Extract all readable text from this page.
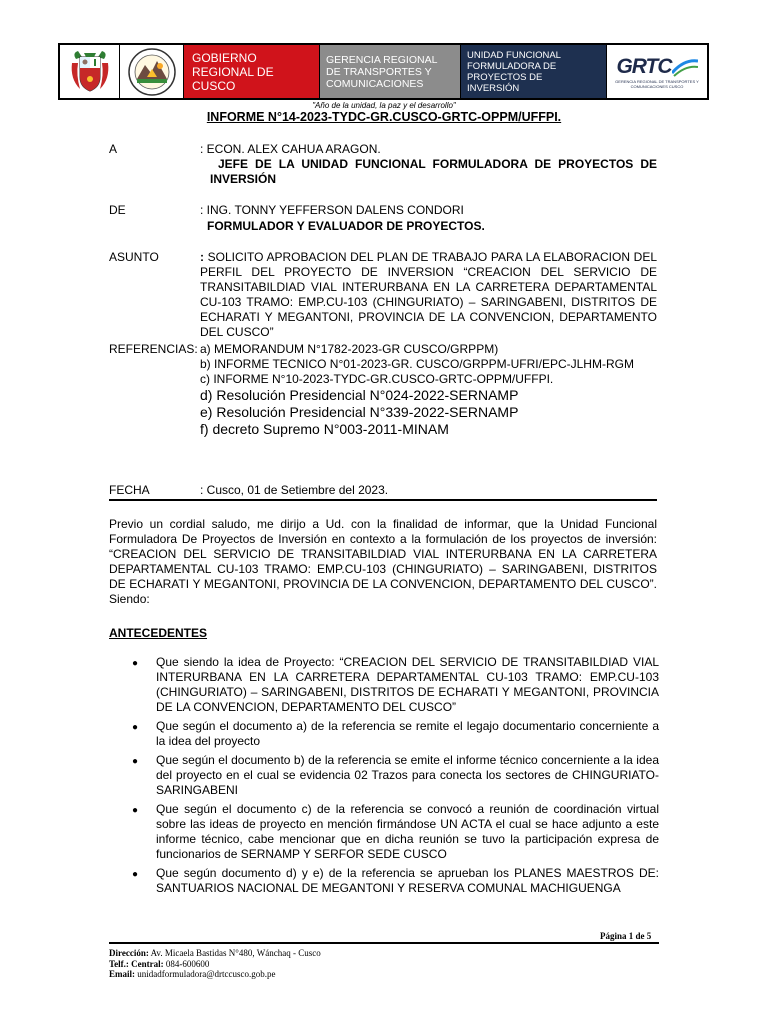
GOBIERNO REGIONAL DE CUSCO
GERENCIA REGIONAL DE TRANSPORTES Y COMUNICACIONES
UNIDAD FUNCIONAL FORMULADORA DE PROYECTOS DE INVERSIÓN
GRTC
GERENCIA REGIONAL DE TRANSPORTES Y COMUNICACIONES CUSCO
"Año de la unidad, la paz y el desarrollo"
INFORME N°14-2023-TYDC-GR.CUSCO-GRTC-OPPM/UFFPI.
A	: ECON. ALEX CAHUA ARAGON.
JEFE DE LA UNIDAD FUNCIONAL FORMULADORA DE PROYECTOS DE INVERSIÓN
DE	: ING. TONNY YEFFERSON DALENS CONDORI
FORMULADOR Y EVALUADOR DE PROYECTOS.
ASUNTO	: SOLICITO APROBACION DEL PLAN DE TRABAJO PARA LA ELABORACION DEL PERFIL DEL PROYECTO DE INVERSION “CREACION DEL SERVICIO DE TRANSITABILDIAD VIAL INTERURBANA EN LA CARRETERA DEPARTAMENTAL CU-103 TRAMO: EMP.CU-103 (CHINGURIATO) – SARINGABENI, DISTRITOS DE ECHARATI Y MEGANTONI, PROVINCIA DE LA CONVENCION, DEPARTAMENTO DEL CUSCO”
REFERENCIAS: a) MEMORANDUM N°1782-2023-GR CUSCO/GRPPM)
b) INFORME TECNICO N°01-2023-GR. CUSCO/GRPPM-UFRI/EPC-JLHM-RGM
c) INFORME N°10-2023-TYDC-GR.CUSCO-GRTC-OPPM/UFFPI.
d) Resolución Presidencial N°024-2022-SERNAMP
e) Resolución Presidencial N°339-2022-SERNAMP
f) decreto Supremo N°003-2011-MINAM
FECHA	: Cusco, 01 de Setiembre del 2023.
Previo un cordial saludo, me dirijo a Ud. con la finalidad de informar, que la Unidad Funcional Formuladora De Proyectos de Inversión en contexto a la formulación de los proyectos de inversión: “CREACION DEL SERVICIO DE TRANSITABILDIAD VIAL INTERURBANA EN LA CARRETERA DEPARTAMENTAL CU-103 TRAMO: EMP.CU-103 (CHINGURIATO) – SARINGABENI, DISTRITOS DE ECHARATI Y MEGANTONI, PROVINCIA DE LA CONVENCION, DEPARTAMENTO DEL CUSCO”. Siendo:
ANTECEDENTES
● Que siendo la idea de Proyecto: “CREACION DEL SERVICIO DE TRANSITABILDIAD VIAL INTERURBANA EN LA CARRETERA DEPARTAMENTAL CU-103 TRAMO: EMP.CU-103 (CHINGURIATO) – SARINGABENI, DISTRITOS DE ECHARATI Y MEGANTONI, PROVINCIA DE LA CONVENCION, DEPARTAMENTO DEL CUSCO”
● Que según el documento a) de la referencia se remite el legajo documentario concerniente a la idea del proyecto
● Que según el documento b) de la referencia se emite el informe técnico concerniente a la idea del proyecto en el cual se evidencia 02 Trazos para conecta los sectores de CHINGURIATO-SARINGABENI
● Que según el documento c) de la referencia se convocó a reunión de coordinación virtual sobre las ideas de proyecto en mención firmándose UN ACTA el cual se hace adjunto a este informe técnico, cabe mencionar que en dicha reunión se tuvo la participación expresa de funcionarios de SERNAMP Y SERFOR SEDE CUSCO
● Que según documento d) y e) de la referencia se aprueban los PLANES MAESTROS DE: SANTUARIOS NACIONAL DE MEGANTONI Y RESERVA COMUNAL MACHIGUENGA
Página 1 de 5
Dirección: Av. Micaela Bastidas N°480, Wánchaq - Cusco
Telf.: Central: 084-600600
Email: unidadformuladora@drtccusco.gob.pe
